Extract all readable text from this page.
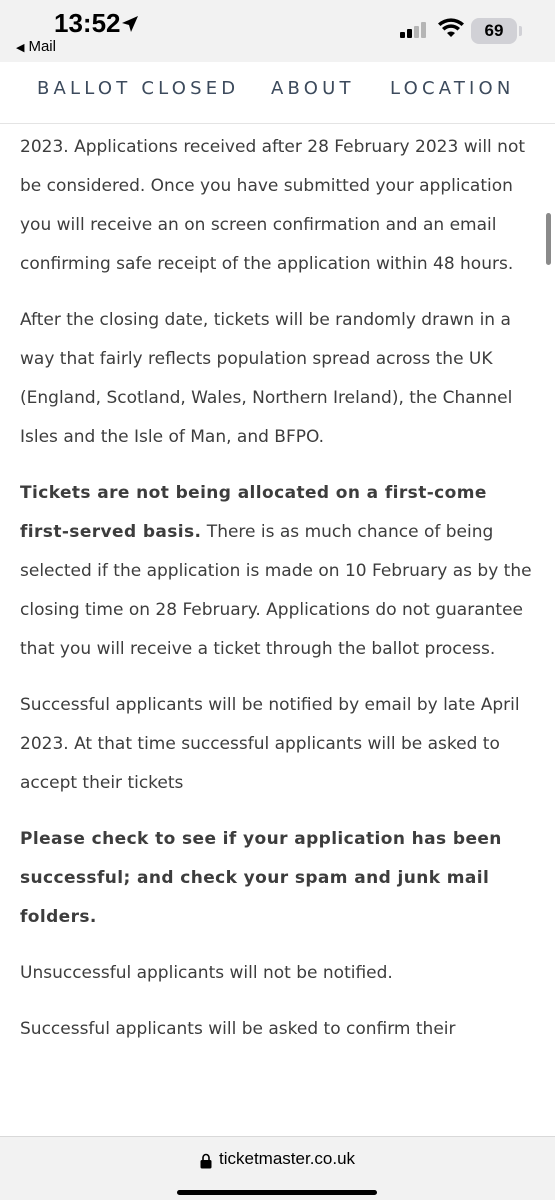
13:52
◀ Mail
69
BALLOT CLOSED ABOUT LOCATION

2023. Applications received after 28 February 2023 will not be considered. Once you have submitted your application you will receive an on screen confirmation and an email confirming safe receipt of the application within 48 hours.

After the closing date, tickets will be randomly drawn in a way that fairly reflects population spread across the UK (England, Scotland, Wales, Northern Ireland), the Channel Isles and the Isle of Man, and BFPO.

Tickets are not being allocated on a first-come first-served basis. There is as much chance of being selected if the application is made on 10 February as by the closing time on 28 February. Applications do not guarantee that you will receive a ticket through the ballot process.

Successful applicants will be notified by email by late April 2023. At that time successful applicants will be asked to accept their tickets

Please check to see if your application has been successful; and check your spam and junk mail folders.

Unsuccessful applicants will not be notified.

Successful applicants will be asked to confirm their

ticketmaster.co.uk
